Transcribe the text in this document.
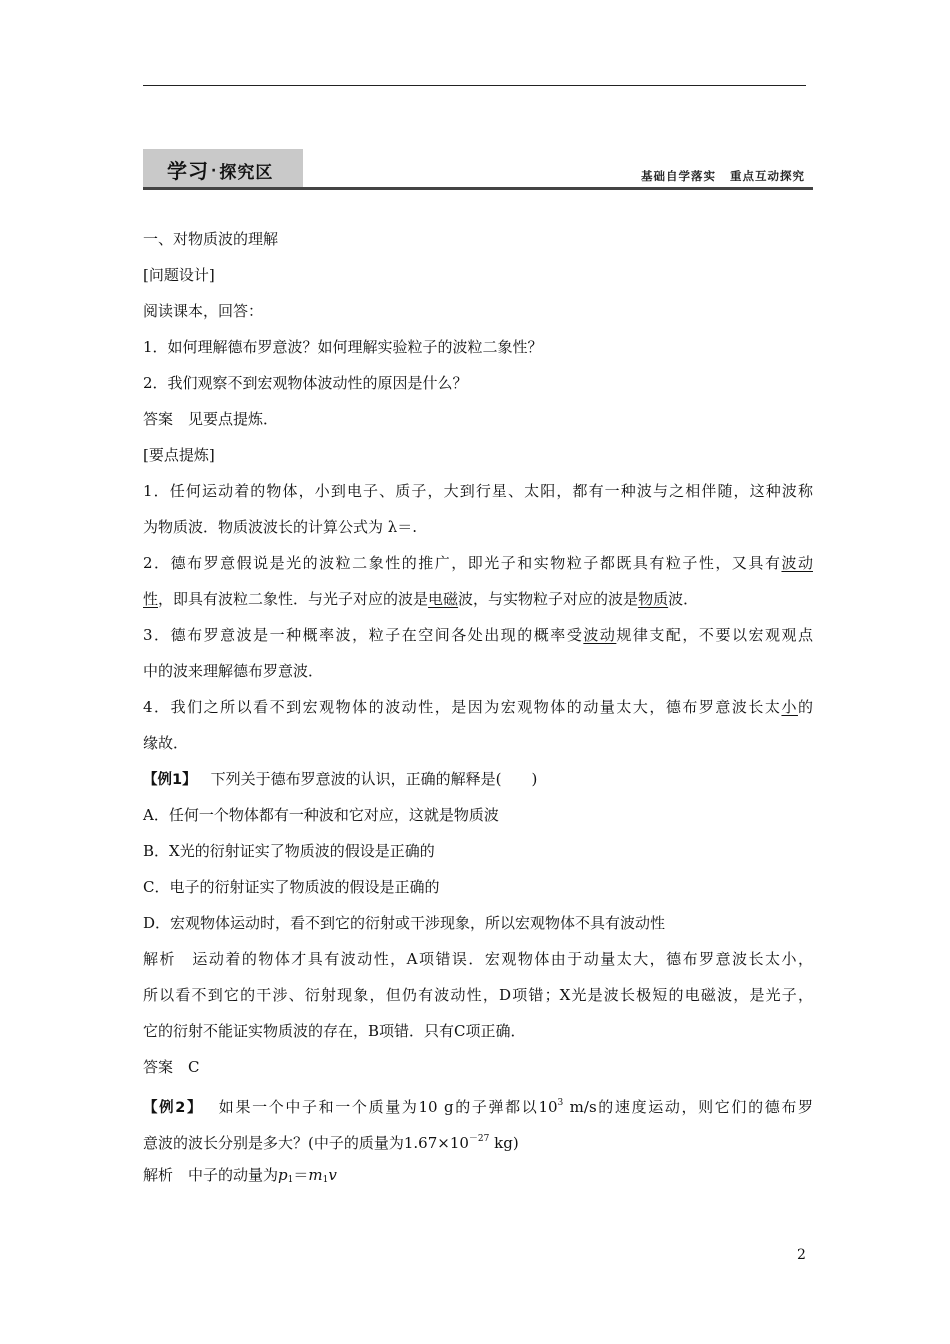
学习 · 探究区	基础自学落实 重点互动探究
一、对物质波的理解
[问题设计]
阅读课本，回答：
1．如何理解德布罗意波？如何理解实验粒子的波粒二象性？
2．我们观察不到宏观物体波动性的原因是什么？
答案　见要点提炼．
[要点提炼]
1．任何运动着的物体，小到电子、质子，大到行星、太阳，都有一种波与之相伴随，这种波称
为物质波．物质波波长的计算公式为 λ＝.
2．德布罗意假说是光的波粒二象性的推广，即光子和实物粒子都既具有粒子性，又具有波动
性，即具有波粒二象性．与光子对应的波是电磁波，与实物粒子对应的波是物质波．
3．德布罗意波是一种概率波，粒子在空间各处出现的概率受波动规律支配，不要以宏观观点
中的波来理解德布罗意波．
4．我们之所以看不到宏观物体的波动性，是因为宏观物体的动量太大，德布罗意波长太小的
缘故．
【例1】 下列关于德布罗意波的认识，正确的解释是(　　)
A．任何一个物体都有一种波和它对应，这就是物质波
B．X光的衍射证实了物质波的假设是正确的
C．电子的衍射证实了物质波的假设是正确的
D．宏观物体运动时，看不到它的衍射或干涉现象，所以宏观物体不具有波动性
解析　运动着的物体才具有波动性，A项错误．宏观物体由于动量太大，德布罗意波长太小，
所以看不到它的干涉、衍射现象，但仍有波动性，D项错；X光是波长极短的电磁波，是光子，
它的衍射不能证实物质波的存在，B项错．只有C项正确．
答案　C
【例2】 如果一个中子和一个质量为10 g的子弹都以$10^3$ m/s的速度运动，则它们的德布罗
意波的波长分别是多大？(中子的质量为$1.67\times 10^{-27}$ kg)
解析　中子的动量为$p_1=m_1v$
2
